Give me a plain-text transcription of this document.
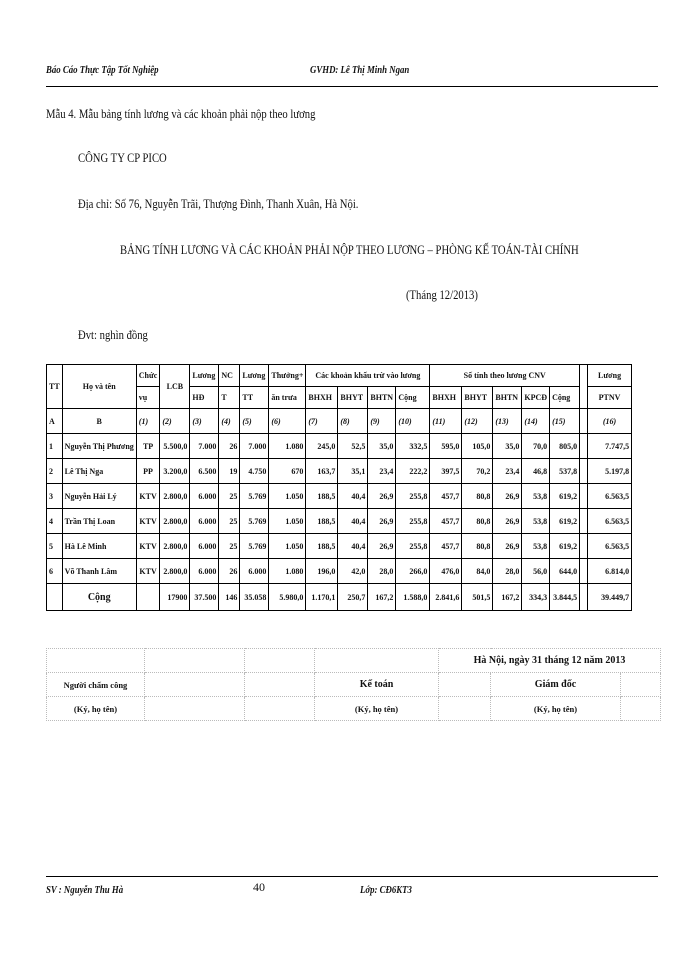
Báo Cáo Thực Tập Tốt Nghiệp	GVHD: Lê Thị Minh Ngan
Mẫu 4. Mẫu bảng tính lương và các khoản phải nộp theo lương
CÔNG TY CP PICO
Địa chỉ: Số 76, Nguyễn Trãi, Thượng Đình, Thanh Xuân, Hà Nội.
BẢNG TÍNH LƯƠNG VÀ CÁC KHOẢN PHẢI NỘP THEO LƯƠNG – PHÒNG KẾ TOÁN-TÀI CHÍNH
(Tháng 12/2013)
Đvt: nghìn đồng
TT	Họ và tên	Chức	LCB	Lương	NC	Lương	Thưởng+	Các khoản khấu trừ vào lương				Số tính theo lương CNV						Lương
		vụ		HĐ	T	TT	ăn trưa	BHXH	BHYT	BHTN	Cộng	BHXH	BHYT	BHTN	KPCĐ	Cộng		PTNV
A	B	(1)	(2)	(3)	(4)	(5)	(6)	(7)	(8)	(9)	(10)	(11)	(12)	(13)	(14)	(15)		(16)
1	Nguyễn Thị Phương	TP	5.500,0	7.000	26	7.000	1.080	245,0	52,5	35,0	332,5	595,0	105,0	35,0	70,0	805,0		7.747,5
2	Lê Thị Nga	PP	3.200,0	6.500	19	4.750	670	163,7	35,1	23,4	222,2	397,5	70,2	23,4	46,8	537,8		5.197,8
3	Nguyễn Hải Lý	KTV	2.800,0	6.000	25	5.769	1.050	188,5	40,4	26,9	255,8	457,7	80,8	26,9	53,8	619,2		6.563,5
4	Trần Thị Loan	KTV	2.800,0	6.000	25	5.769	1.050	188,5	40,4	26,9	255,8	457,7	80,8	26,9	53,8	619,2		6.563,5
5	Hà Lê Minh	KTV	2.800,0	6.000	25	5.769	1.050	188,5	40,4	26,9	255,8	457,7	80,8	26,9	53,8	619,2		6.563,5
6	Võ Thanh Lâm	KTV	2.800,0	6.000	26	6.000	1.080	196,0	42,0	28,0	266,0	476,0	84,0	28,0	56,0	644,0		6.814,0
	Cộng		17900	37.500	146	35.058	5.980,0	1.170,1	250,7	167,2	1.588,0	2.841,6	501,5	167,2	334,3	3.844,5		39.449,7
				Hà Nội, ngày 31 tháng 12 năm 2013		
Người chấm công			Kế toán		Giám đốc	
(Ký, họ tên)			(Ký, họ tên)		(Ký, họ tên)	
SV : Nguyễn Thu Hà	40	Lớp: CĐ6KT3
